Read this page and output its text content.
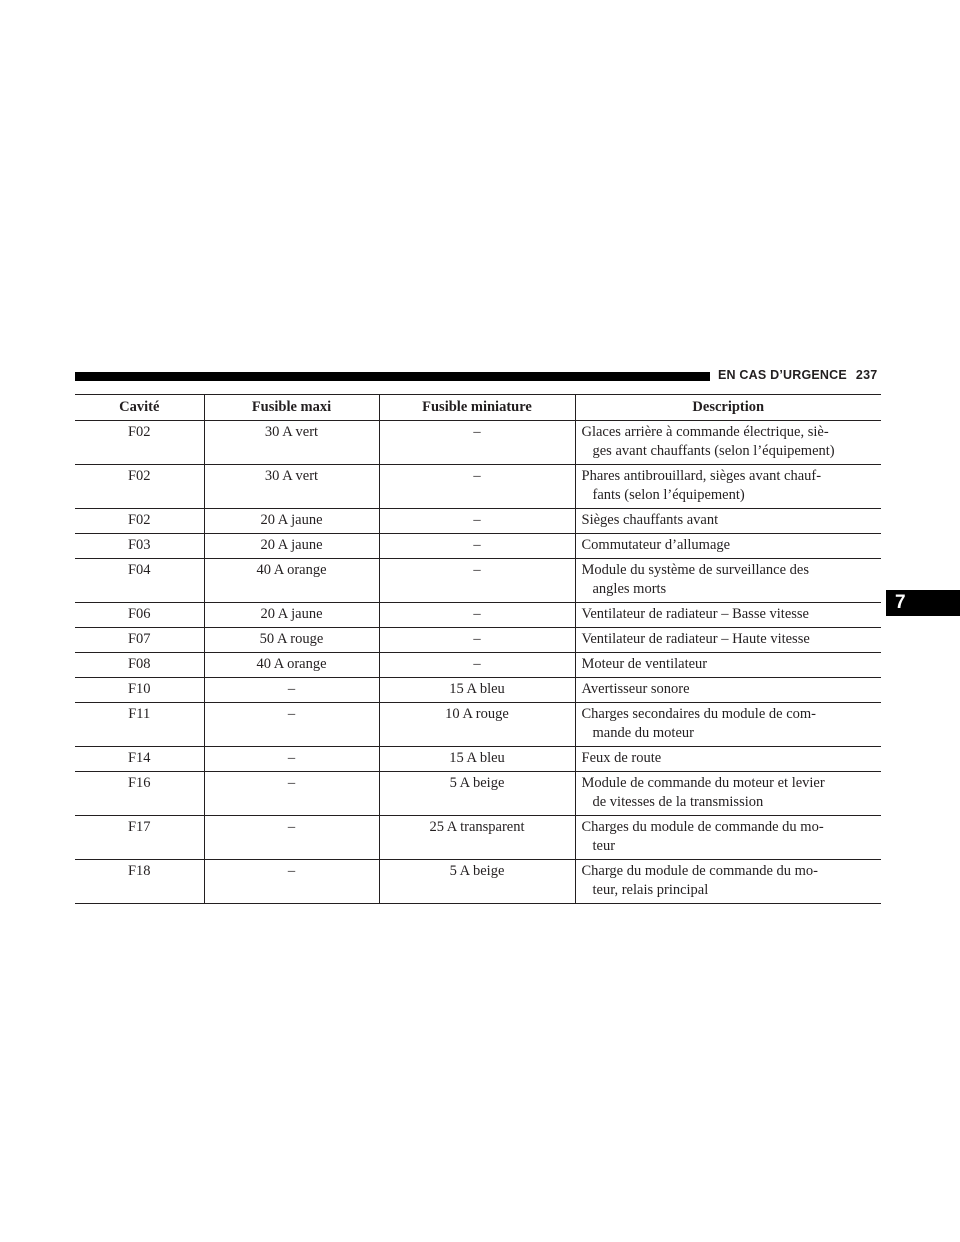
EN CAS D’URGENCE 237
7
Cavité	Fusible maxi	Fusible miniature	Description
F02	30 A vert	–	Glaces arrière à commande électrique, siè-
ges avant chauffants (selon l’équipement)

F02	30 A vert	–	Phares antibrouillard, sièges avant chauf-
fants (selon l’équipement)

F02	20 A jaune	–	Sièges chauffants avant

F03	20 A jaune	–	Commutateur d’allumage

F04	40 A orange	–	Module du système de surveillance des
angles morts

F06	20 A jaune	–	Ventilateur de radiateur – Basse vitesse

F07	50 A rouge	–	Ventilateur de radiateur – Haute vitesse

F08	40 A orange	–	Moteur de ventilateur

F10	–	15 A bleu	Avertisseur sonore

F11	–	10 A rouge	Charges secondaires du module de com-
mande du moteur

F14	–	15 A bleu	Feux de route

F16	–	5 A beige	Module de commande du moteur et levier
de vitesses de la transmission

F17	–	25 A transparent	Charges du module de commande du mo-
teur

F18	–	5 A beige	Charge du module de commande du mo-
teur, relais principal
